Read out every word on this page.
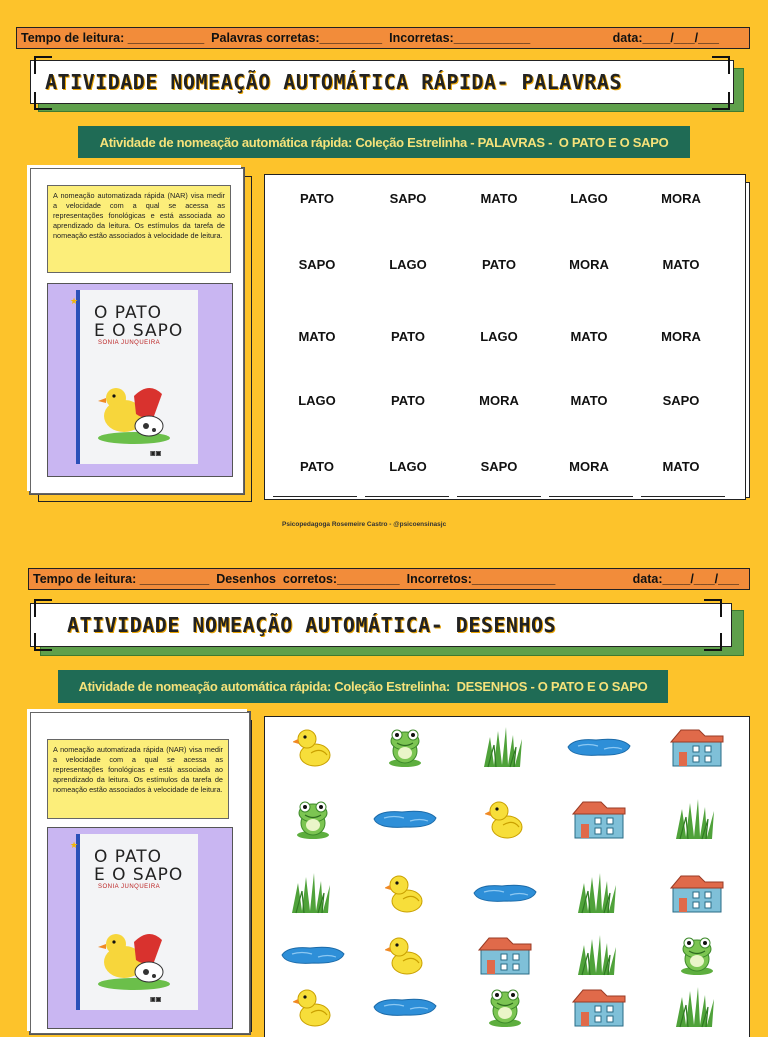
Tempo de leitura: ___________
Palavras corretas:_________
Incorretas:___________	data:____/___/___
ATIVIDADE NOMEAÇÃO AUTOMÁTICA RÁPIDA- PALAVRAS
Atividade de nomeação automática rápida: Coleção Estrelinha - PALAVRAS -  O PATO E O SAPO
A nomeação automatizada rápida (NAR) visa medir a velocidade com a qual se acessa as representações fonológicas e está associada ao aprendizado da leitura. Os estímulos da tarefa de nomeação estão associados à velocidade de leitura.
O PATO
E O SAPO
SONIA JUNQUEIRA
▣▣
★
PATO	SAPO	MATO	LAGO	MORA
SAPO	LAGO	PATO	MORA	MATO
MATO	PATO	LAGO	MATO	MORA
LAGO	PATO	MORA	MATO	SAPO
PATO	LAGO	SAPO	MORA	MATO
Psicopedagoga Rosemeire Castro - @psicoensinasjc
Tempo de leitura: __________
Desenhos  corretos:_________
Incorretos:____________	data:____/___/___
ATIVIDADE NOMEAÇÃO AUTOMÁTICA- DESENHOS
Atividade de nomeação automática rápida: Coleção Estrelinha:  DESENHOS - O PATO E O SAPO
A nomeação automatizada rápida (NAR) visa medir a velocidade com a qual se acessa as representações fonológicas e está associada ao aprendizado da leitura. Os estímulos da tarefa de nomeação estão associados à velocidade de leitura.
O PATO
E O SAPO
SONIA JUNQUEIRA
▣▣
★
